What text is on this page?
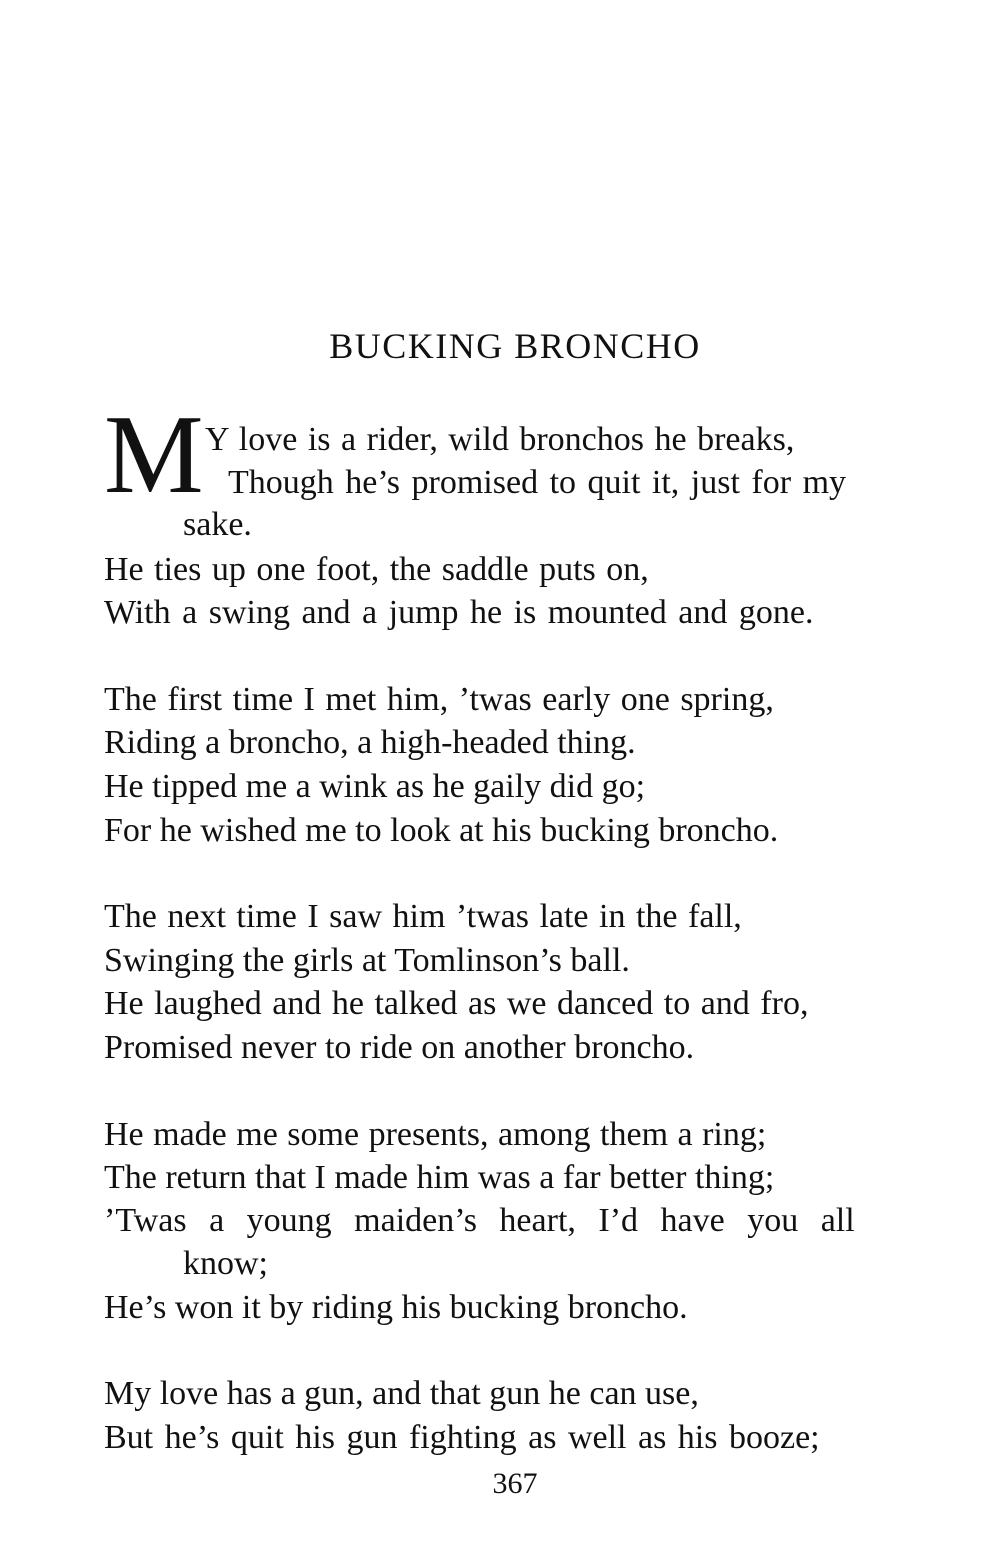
BUCKING BRONCHO
M Y love is a rider, wild bronchos he breaks,
Though he’s promised to quit it, just for my
sake.
He ties up one foot, the saddle puts on,
With a swing and a jump he is mounted and gone.
The first time I met him, ’twas early one spring,
Riding a broncho, a high-headed thing.
He tipped me a wink as he gaily did go;
For he wished me to look at his bucking broncho.
The next time I saw him ’twas late in the fall,
Swinging the girls at Tomlinson’s ball.
He laughed and he talked as we danced to and fro,
Promised never to ride on another broncho.
He made me some presents, among them a ring;
The return that I made him was a far better thing;
’Twas a young maiden’s heart, I’d have you all
know;
He’s won it by riding his bucking broncho.
My love has a gun, and that gun he can use,
But he’s quit his gun fighting as well as his booze;
367
